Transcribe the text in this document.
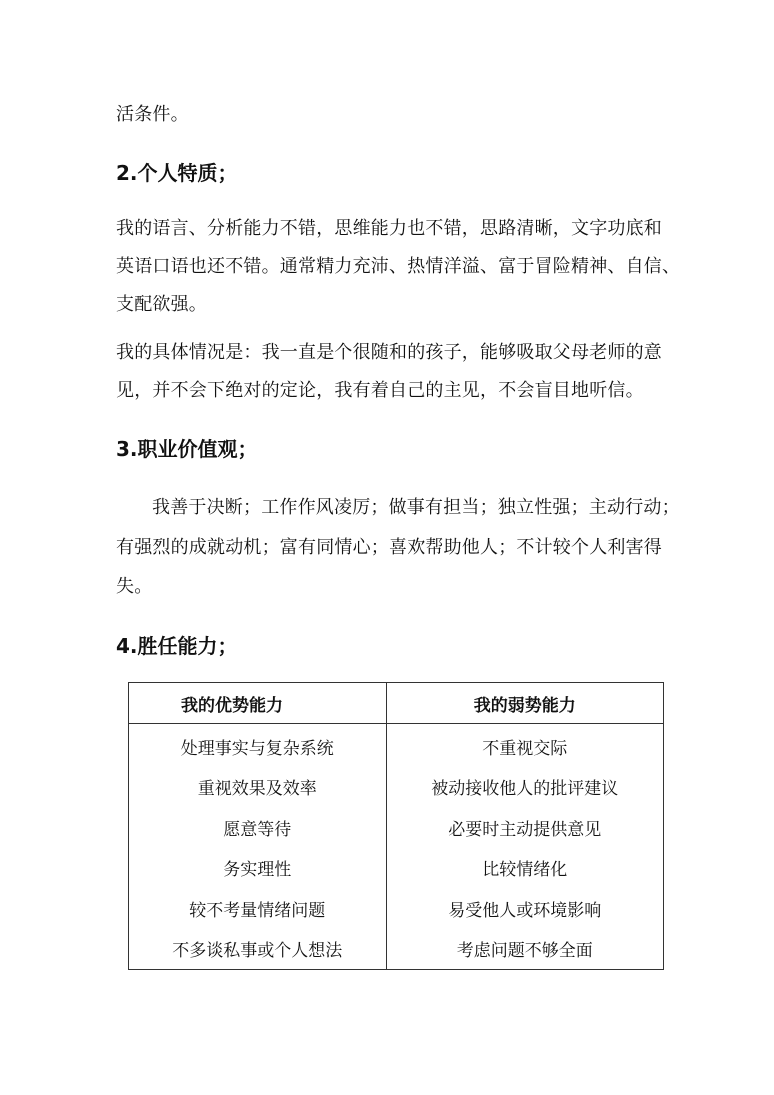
活条件。
2.个人特质；
我的语言、分析能力不错，思维能力也不错，思路清晰，文字功底和
英语口语也还不错。通常精力充沛、热情洋溢、富于冒险精神、自信、
支配欲强。
我的具体情况是：我一直是个很随和的孩子，能够吸取父母老师的意
见，并不会下绝对的定论，我有着自己的主见，不会盲目地听信。
3.职业价值观；
我善于决断；工作作风凌厉；做事有担当；独立性强；主动行动；
有强烈的成就动机；富有同情心；喜欢帮助他人；不计较个人利害得
失。
4.胜任能力；
我的优势能力	我的弱势能力
处理事实与复杂系统	不重视交际
重视效果及效率	被动接收他人的批评建议
愿意等待	必要时主动提供意见
务实理性	比较情绪化
较不考量情绪问题	易受他人或环境影响
不多谈私事或个人想法	考虑问题不够全面
